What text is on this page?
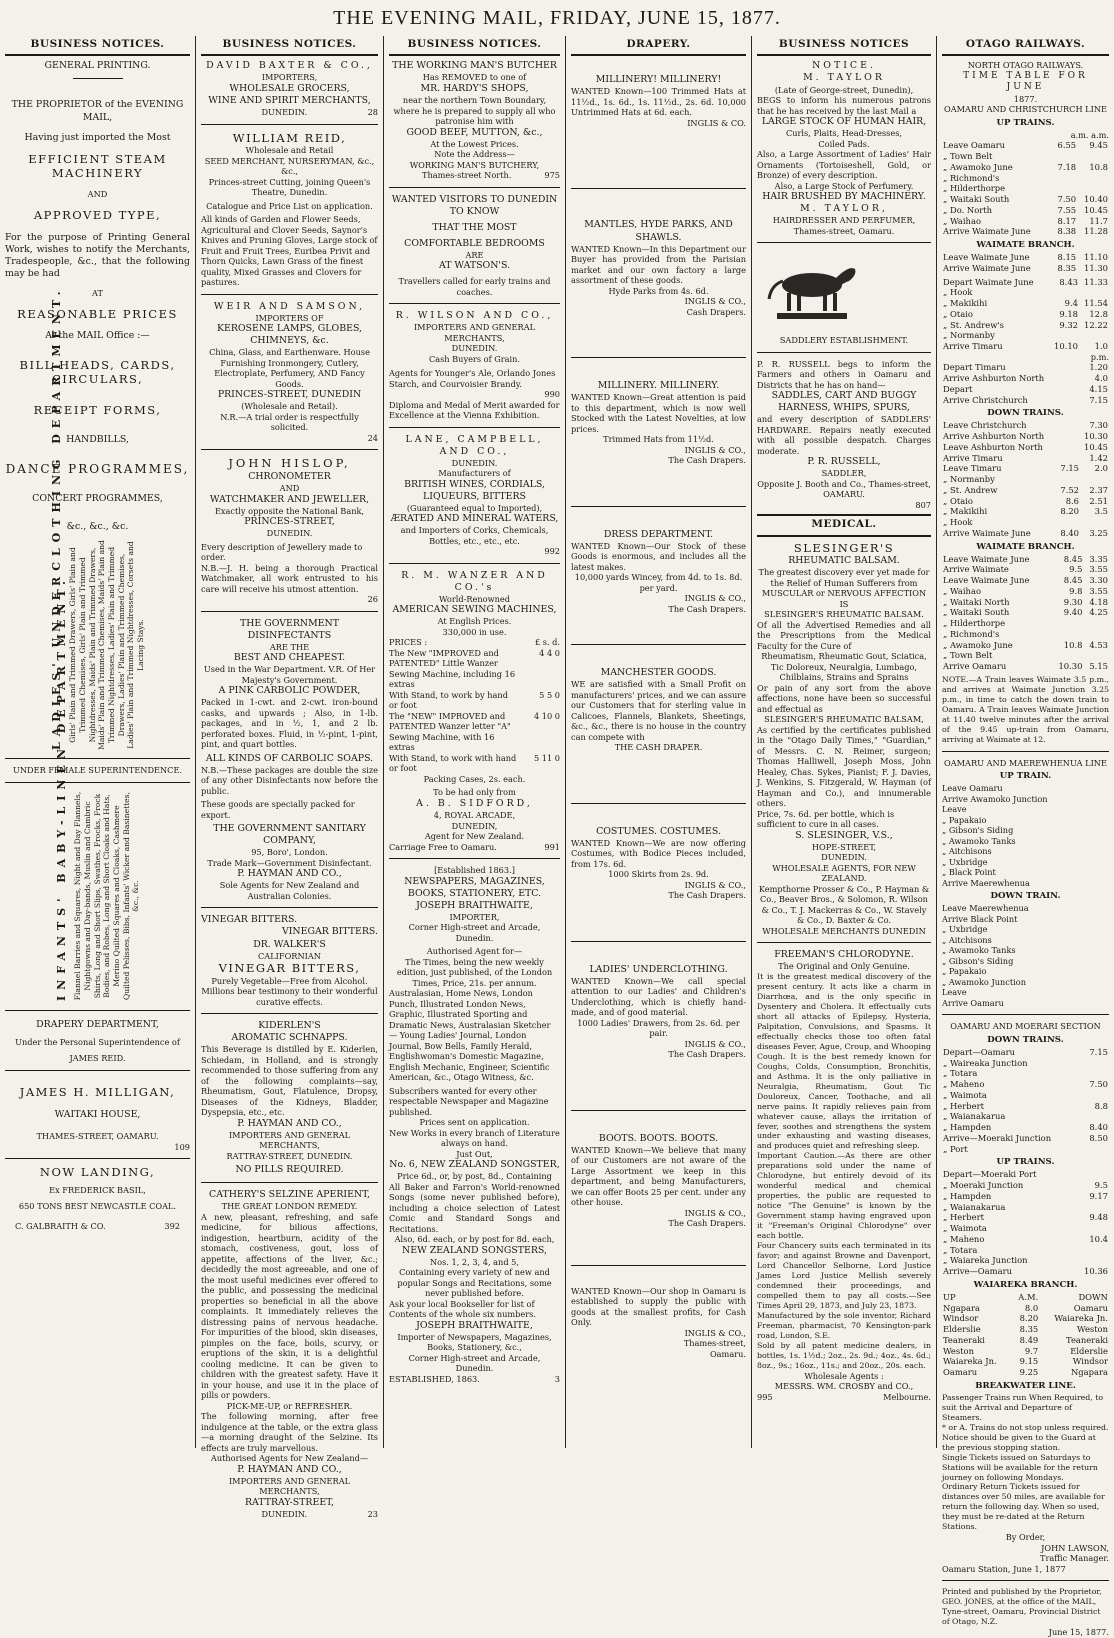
THE EVENING MAIL, FRIDAY, JUNE 15, 1877.
BUSINESS NOTICES.
GENERAL PRINTING.
THE PROPRIETOR of the EVENING MAIL,
Having just imported the Most
EFFICIENT STEAM MACHINERY
AND
APPROVED TYPE,
For the purpose of Printing General Work, wishes to notify the Merchants, Tradespeople, &c., that the following may be had
AT
REASONABLE PRICES
At the MAIL Office :—
BILL-HEADS, CARDS, CIRCULARS,
RECEIPT FORMS,
HANDBILLS,
DANCE PROGRAMMES,
CONCERT PROGRAMMES,
&c., &c., &c.
LADIES' UNDERCLOTHING DEPARTMENT. Girls' Plain and Trimmed Drawers, Girls' Plain and Trimmed Chemises, Girls' Plain and Trimmed Nightdresses, Maids' Plain and Trimmed Drawers, Maids' Plain and Trimmed Chemises, Maids' Plain and Trimmed Nightdresses, Ladies' Plain and Trimmed Drawers, Ladies' Plain and Trimmed Chemises, Ladies' Plain and Trimmed Nightdresses, Corsets and Lacing Stays.
UNDER FEMALE SUPERINTENDENCE.
INFANTS' BABY-LINEN DEPARTMENT. Flannel Barries and Squares, Night and Day Flannels, Nightgowns and Day-bands, Muslin and Cambric Shirts, Long and Short Slips, Swathes, Frocks, Frock Bodies, and Robes, Long and Short Cloaks and Hats, Merino Quilted Squares and Cloaks, Cashmere Quilted Pelisses, Bibs, Infants' Wicker and Basinettes, &c., &c.
DRAPERY DEPARTMENT,
Under the Personal Superintendence of
JAMES REID.
JAMES H. MILLIGAN,
WAITAKI HOUSE,
THAMES-STREET, OAMARU.
109
NOW LANDING,
Ex FREDERICK BASIL,
650 TONS BEST NEWCASTLE COAL.
C. GALBRAITH & CO.	392
BUSINESS NOTICES.
DAVID BAXTER & CO.,
IMPORTERS,
WHOLESALE GROCERS,
WINE AND SPIRIT MERCHANTS,
DUNEDIN.	28
WILLIAM REID,
Wholesale and Retail
SEED MERCHANT, NURSERYMAN, &c., &c.,
Princes-street Cutting, joining Queen's Theatre, Dunedin.
Catalogue and Price List on application.
All kinds of Garden and Flower Seeds, Agricultural and Clover Seeds, Saynor's Knives and Pruning Gloves, Large stock of Fruit and Fruit Trees, Euribea Privit and Thorn Quicks, Lawn Grass of the finest quality, Mixed Grasses and Clovers for pastures.
WEIR AND SAMSON,
IMPORTERS OF
KEROSENE LAMPS, GLOBES, CHIMNEYS, &c.
China, Glass, and Earthenware. House Furnishing Ironmongery, Cutlery, Electroplate, Perfumery, AND Fancy Goods.
PRINCES-STREET, DUNEDIN
(Wholesale and Retail).
N.R.—A trial order is respectfully solicited.
24
JOHN HISLOP,
CHRONOMETER
AND
WATCHMAKER AND JEWELLER,
Exactly opposite the National Bank,
PRINCES-STREET,
DUNEDIN.
Every description of Jewellery made to order.
N.B.—J. H. being a thorough Practical Watchmaker, all work entrusted to his care will receive his utmost attention.
26
THE GOVERNMENT DISINFECTANTS
ARE THE
BEST AND CHEAPEST.
Used in the War Department. V.R. Of Her Majesty's Government.
A PINK CARBOLIC POWDER,
Packed in 1-cwt. and 2-cwt. iron-bound casks, and upwards ; Also, in 1-lb. packages, and in ½, 1, and 2 lb. perforated boxes. Fluid, in ½-pint, 1-pint, pint, and quart bottles.
ALL KINDS OF CARBOLIC SOAPS.
N.B.—These packages are double the size of any other Disinfectants now before the public.
These goods are specially packed for export.
THE GOVERNMENT SANITARY COMPANY,
95, Boro', London.
Trade Mark—Government Disinfectant.
P. HAYMAN AND CO.,
Sole Agents for New Zealand and Australian Colonies.
VINEGAR BITTERS.
VINEGAR BITTERS.
DR. WALKER'S
CALIFORNIAN
VINEGAR BITTERS,
Purely Vegetable—Free from Alcohol.
Millions bear testimony to their wonderful curative effects.
KIDERLEN'S
AROMATIC SCHNAPPS.
This Beverage is distilled by E. Kiderlen, Schiedam, in Holland, and is strongly recommended to those suffering from any of the following complaints—say, Rheumatism, Gout, Flatulence, Dropsy, Diseases of the Kidneys, Bladder, Dyspepsia, etc., etc.
P. HAYMAN AND CO.,
IMPORTERS AND GENERAL MERCHANTS,
RATTRAY-STREET, DUNEDIN.
NO PILLS REQUIRED.
CATHERY'S SELZINE APERIENT,
THE GREAT LONDON REMEDY.
A new, pleasant, refreshing, and safe medicine, for bilious affections, indigestion, heartburn, acidity of the stomach, costiveness, gout, loss of appetite, affections of the liver, &c.; decidedly the most agreeable, and one of the most useful medicines ever offered to the public, and possessing the medicinal properties so beneficial in all the above complaints. It immediately relieves the distressing pains of nervous headache. For impurities of the blood, skin diseases, pimples on the face, boils, scurvy, or eruptions of the skin, it is a delightful cooling medicine. It can be given to children with the greatest safety. Have it in your house, and use it in the place of pills or powders.
PICK-ME-UP, or REFRESHER.
The following morning, after free indulgence at the table, or the extra glass—a morning draught of the Selzine. Its effects are truly marvellous.
Authorised Agents for New Zealand—
P. HAYMAN AND CO.,
IMPORTERS AND GENERAL MERCHANTS,
RATTRAY-STREET,
DUNEDIN.	23
BUSINESS NOTICES.
THE WORKING MAN'S BUTCHER
Has REMOVED to one of
MR. HARDY'S SHOPS,
near the northern Town Boundary, where he is prepared to supply all who patronise him with
GOOD BEEF, MUTTON, &c.,
At the Lowest Prices.
Note the Address—
WORKING MAN'S BUTCHERY,
Thames-street North.	975
WANTED VISITORS TO DUNEDIN TO KNOW
THAT THE MOST
COMFORTABLE BEDROOMS
ARE
AT WATSON'S.
Travellers called for early trains and coaches.
R. WILSON AND CO.,
IMPORTERS AND GENERAL MERCHANTS,
DUNEDIN.
Cash Buyers of Grain.
Agents for Younger's Ale, Orlando Jones Starch, and Courvoisier Brandy.
990
Diploma and Medal of Merit awarded for Excellence at the Vienna Exhibition.
LANE, CAMPBELL, AND CO.,
DUNEDIN.
Manufacturers of
BRITISH WINES, CORDIALS, LIQUEURS, BITTERS
(Guaranteed equal to Imported),
ÆRATED AND MINERAL WATERS,
and Importers of Corks, Chemicals, Bottles, etc., etc., etc.
992
R. M. WANZER AND CO.'s
World-Renowned
AMERICAN SEWING MACHINES,
At English Prices.
330,000 in use.
PRICES :	£ s. d.
The New "IMPROVED and PATENTED" Little Wanzer Sewing Machine, including 16 extras
4 4 0
With Stand, to work by hand or foot
5 5 0
The "NEW" IMPROVED and PATENTED Wanzer letter "A" Sewing Machine, with 16 extras
4 10 0
With Stand, to work with hand or foot
5 11 0
Packing Cases, 2s. each.
To be had only from
A. B. SIDFORD,
4, ROYAL ARCADE,
DUNEDIN,
Agent for New Zealand.
Carriage Free to Oamaru.	991
[Established 1863.]
NEWSPAPERS, MAGAZINES, BOOKS, STATIONERY, ETC.
JOSEPH BRAITHWAITE,
IMPORTER,
Corner High-street and Arcade, Dunedin.
Authorised Agent for—
The Times, being the new weekly edition, just published, of the London Times, Price, 21s. per annum.
Australasian, Home News, London Punch, Illustrated London News, Graphic, Illustrated Sporting and Dramatic News, Australasian Sketcher — Young Ladies' Journal, London Journal, Bow Bells, Family Herald, Englishwoman's Domestic Magazine, English Mechanic, Engineer, Scientific American, &c., Otago Witness, &c.
Subscribers wanted for every other respectable Newspaper and Magazine published.
Prices sent on application.
New Works in every branch of Literature always on hand.
Just Out,
No. 6, NEW ZEALAND SONGSTER,
Price 6d., or, by post, 8d., Containing
All Baker and Farron's World-renowned Songs (some never published before), including a choice selection of Latest Comic and Standard Songs and Recitations.
Also, 6d. each, or by post for 8d. each,
NEW ZEALAND SONGSTERS,
Nos. 1, 2, 3, 4, and 5,
Containing every variety of new and popular Songs and Recitations, some never published before.
Ask your local Bookseller for list of Contents of the whole six numbers.
JOSEPH BRAITHWAITE,
Importer of Newspapers, Magazines, Books, Stationery, &c.,
Corner High-street and Arcade, Dunedin.
ESTABLISHED, 1863.	3
DRAPERY.
MILLINERY! MILLINERY!
WANTED Known—100 Trimmed Hats at 11½d., 1s. 6d., 1s. 11½d., 2s. 6d. 10,000 Untrimmed Hats at 6d. each.
INGLIS & CO.
MANTLES, HYDE PARKS, AND SHAWLS.
WANTED Known—In this Department our Buyer has provided from the Parisian market and our own factory a large assortment of these goods.
Hyde Parks from 4s. 6d.
INGLIS & CO.,
Cash Drapers.
MILLINERY. MILLINERY.
WANTED Known—Great attention is paid to this department, which is now well Stocked with the Latest Novelties, at low prices.
Trimmed Hats from 11½d.
INGLIS & CO.,
The Cash Drapers.
DRESS DEPARTMENT.
WANTED Known—Our Stock of these Goods is enormous, and includes all the latest makes.
10,000 yards Wincey, from 4d. to 1s. 8d. per yard.
INGLIS & CO.,
The Cash Drapers.
MANCHESTER GOODS.
WE are satisfied with a Small Profit on manufacturers' prices, and we can assure our Customers that for sterling value in Calicoes, Flannels, Blankets, Sheetings, &c., &c., there is no house in the country can compete with
THE CASH DRAPER.
COSTUMES. COSTUMES.
WANTED Known—We are now offering Costumes, with Bodice Pieces included, from 17s. 6d.
1000 Skirts from 2s. 9d.
INGLIS & CO.,
The Cash Drapers.
LADIES' UNDERCLOTHING.
WANTED Known—We call special attention to our Ladies' and Children's Underclothing, which is chiefly hand-made, and of good material.
1000 Ladies' Drawers, from 2s. 6d. per pair.
INGLIS & CO.,
The Cash Drapers.
BOOTS. BOOTS. BOOTS.
WANTED Known—We believe that many of our Customers are not aware of the Large Assortment we keep in this department, and being Manufacturers, we can offer Boots 25 per cent. under any other house.
INGLIS & CO.,
The Cash Drapers.
WANTED Known—Our shop in Oamaru is established to supply the public with goods at the smallest profits, for Cash Only.
INGLIS & CO.,
Thames-street,
Oamaru.
BUSINESS NOTICES
NOTICE.
M. TAYLOR
(Late of George-street, Dunedin),
BEGS to inform his numerous patrons that he has received by the last Mail a
LARGE STOCK OF HUMAN HAIR,
Curls, Plaits, Head-Dresses,
Coiled Pads.
Also, a Large Assortment of Ladies' Hair Ornaments (Tortoiseshell, Gold, or Bronze) of every description.
Also, a Large Stock of Perfumery.
HAIR BRUSHED BY MACHINERY.
M. TAYLOR,
HAIRDRESSER AND PERFUMER,
Thames-street, Oamaru.
SADDLERY ESTABLISHMENT.
P. R. RUSSELL begs to inform the Farmers and others in Oamaru and Districts that he has on hand—
SADDLES, CART AND BUGGY HARNESS, WHIPS, SPURS,
and every description of SADDLERS' HARDWARE. Repairs neatly executed with all possible despatch. Charges moderate.
P. R. RUSSELL,
SADDLER,
Opposite J. Booth and Co., Thames-street, OAMARU.
807
MEDICAL.
SLESINGER'S
RHEUMATIC BALSAM.
The greatest discovery ever yet made for the Relief of Human Sufferers from
MUSCULAR or NERVOUS AFFECTION
IS
SLESINGER'S RHEUMATIC BALSAM.
Of all the Advertised Remedies and all the Prescriptions from the Medical Faculty for the Cure of
Rheumatism, Rheumatic Gout, Sciatica, Tic Doloreux, Neuralgia, Lumbago, Chilblains, Strains and Sprains
Or pain of any sort from the above affections, none have been so successful and effectual as
SLESINGER'S RHEUMATIC BALSAM,
As certified by the certificates published in the "Otago Daily Times," "Guardian," of Messrs. C. N. Reimer, surgeon; Thomas Halliwell, Joseph Moss, John Healey, Chas. Sykes, Pianist; F. J. Davies, J. Wenkins, S. Fitzgerald, W. Hayman (of Hayman and Co.), and innumerable others.
Price, 7s. 6d. per bottle, which is sufficient to cure in all cases.
S. SLESINGER, V.S.,
HOPE-STREET,
DUNEDIN.
WHOLESALE AGENTS, FOR NEW ZEALAND.
Kempthorne Prosser & Co., P. Hayman & Co., Beaver Bros., & Solomon, R. Wilson & Co., T. J. Mackerras & Co., W. Stavely & Co., D. Baxter & Co.
WHOLESALE MERCHANTS DUNEDIN
FREEMAN'S CHLORODYNE.
The Original and Only Genuine.
It is the greatest medical discovery of the present century. It acts like a charm in Diarrhœa, and is the only specific in Dysentery and Cholera. It effectually cuts short all attacks of Epilepsy, Hysteria, Palpitation, Convulsions, and Spasms. It effectually checks those too often fatal diseases Fever, Ague, Croup, and Whooping Cough. It is the best remedy known for Coughs, Colds, Consumption, Bronchitis, and Asthma. It is the only palliative in Neuralgia, Rheumatism, Gout Tic Douloreux, Cancer, Toothache, and all nerve pains. It rapidly relieves pain from whatever cause, allays the irritation of fever, soothes and strengthens the system under exhausting and wasting diseases, and produces quiet and refreshing sleep.
Important Caution.—As there are other preparations sold under the name of Chlorodyne, but entirely devoid of its wonderful medical and chemical properties, the public are requested to notice "The Genuine" is known by the Government stamp having engraved upon it "Freeman's Original Chlorodyne" over each bottle.
Four Chancery suits each terminated in its favor; and against Browne and Davenport, Lord Chancellor Selborne, Lord Justice James Lord Justice Mellish severely condemned their proceedings, and compelled them to pay all costs.—See Times April 29, 1873, and July 23, 1873.
Manufactured by the sole inventor, Richard Freeman, pharmacist, 70 Kensington-park road, London, S.E.
Sold by all patent medicine dealers, in bottles, 1s. 1½d.; 2oz., 2s. 9d.; 4oz., 4s. 6d.; 8oz., 9s.; 16oz., 11s.; and 20oz., 20s. each.
Wholesale Agents :
MESSRS. WM. CROSBY and CO.,
995	Melbourne.
OTAGO RAILWAYS.
NORTH OTAGO RAILWAYS.
TIME TABLE FOR JUNE
1877.
OAMARU AND CHRISTCHURCH LINE
UP TRAINS.
a.m. a.m.
Leave Oamaru	6.55	9.45
„ Town Belt		
„ Awamoko June	7.18	10.8
„ Richmond's		
„ Hilderthorpe		
„ Waitaki South	7.50	10.40
„ Do. North	7.55	10.45
„ Waihao	8.17	11.7
Arrive Waimate June	8.38	11.28
WAIMATE BRANCH.
Leave Waimate June	8.15	11.10
Arrive Waimate June	8.35	11.30
Depart Waimate June	8.43	11.33
„ Hook		
„ Makikihi	9.4	11.54
„ Otaio	9.18	12.8
„ St. Andrew's	9.32	12.22
„ Normanby		
Arrive Timaru	10.10	1.0
p.m.
Depart Timaru		1.20
Arrive Ashburton North		4.0
Depart		4.15
Arrive Christchurch		7.15
DOWN TRAINS.
Leave Christchurch		7.30
Arrive Ashburton North		10.30
Leave Ashburton North		10.45
Arrive Timaru		1.42
Leave Timaru	7.15	2.0
„ Normanby		
„ St. Andrew	7.52	2.37
„ Otaio	8.6	2.51
„ Makikihi	8.20	3.5
„ Hook		
Arrive Waimate June	8.40	3.25
WAIMATE BRANCH.
Leave Waimate June	8.45	3.35
Arrive Waimate	9.5	3.55
Leave Waimate June	8.45	3.30
„ Waihao	9.8	3.55
„ Waitaki North	9.30	4.18
„ Waitaki South	9.40	4.25
„ Hilderthorpe		
„ Richmond's		
„ Awamoko June	10.8	4.53
„ Town Belt		
Arrive Oamaru	10.30	5.15
NOTE.—A Train leaves Waimate 3.5 p.m., and arrives at Waimate Junction 3.25 p.m., in time to catch the down train to Oamaru. A Train leaves Waimate Junction at 11.40 twelve minutes after the arrival of the 9.45 up-train from Oamaru, arriving at Waimate at 12.
OAMARU AND MAEREWHENUA LINE
UP TRAIN.
Leave Oamaru
Arrive Awamoko Junction
Leave
„ Papakaio
„ Gibson's Siding
„ Awamoko Tanks
„ Aitchisons
„ Uxbridge
„ Black Point
Arrive Maerewhenua
DOWN TRAIN.
Leave Maerewhenua
Arrive Black Point
„ Uxbridge
„ Aitchisons
„ Awamoko Tanks
„ Gibson's Siding
„ Papakaio
„ Awamoko Junction
Leave
Arrive Oamaru
OAMARU AND MOERARI SECTION
DOWN TRAINS.
Depart—Oamaru	7.15
„ Waireaka Junction	
„ Totara	
„ Maheno	7.50
„ Waimota	
„ Herbert	8.8
„ Waianakarua	
„ Hampden	8.40
Arrive—Moeraki Junction	8.50
„ Port	
UP TRAINS.
Depart—Moeraki Port	
„ Moeraki Junction	9.5
„ Hampden	9.17
„ Waianakarua	
„ Herbert	9.48
„ Waimota	
„ Maheno	10.4
„ Totara	
„ Waiareka Junction	
Arrive—Oamaru	10.36
WAIAREKA BRANCH.
UP	A.M.	DOWN
Ngapara	8.0	Oamaru
Windsor	8.20	Waiareka Jn.
Elderslie	8.35	Weston
Teaneraki	8.49	Teaneraki
Weston	9.7	Elderslie
Waiareka Jn.	9.15	Windsor
Oamaru	9.25	Ngapara
BREAKWATER LINE.
Passenger Trains run When Required, to suit the Arrival and Departure of Steamers.
* or A. Trains do not stop unless required. Notice should be given to the Guard at the previous stopping station.
Single Tickets issued on Saturdays to Stations will be available for the return journey on following Mondays.
Ordinary Return Tickets issued for distances over 50 miles, are available for return the following day. When so used, they must be re-dated at the Return Stations.
By Order,
JOHN LAWSON,
Traffic Manager.
Oamaru Station, June 1, 1877
Printed and published by the Proprietor, GEO. JONES, at the office of the MAIL, Tyne-street, Oamaru, Provincial District of Otago, N.Z.
June 15, 1877.
